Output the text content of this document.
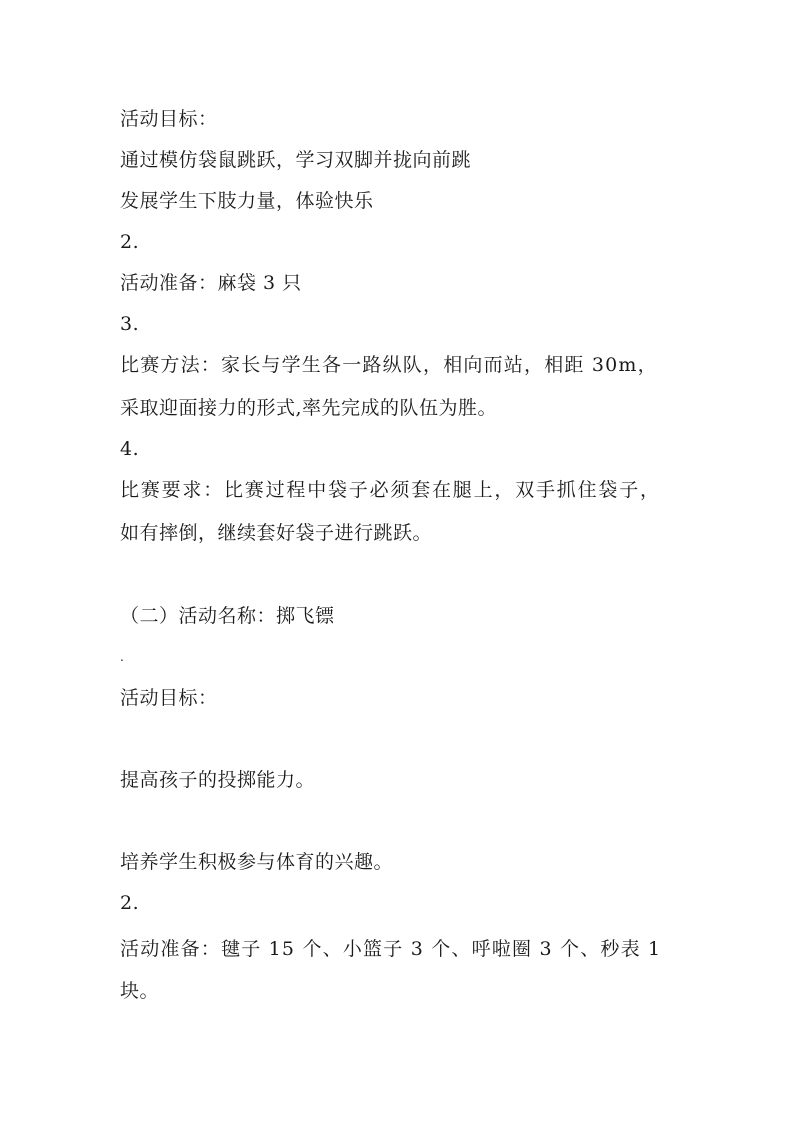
活动目标：
通过模仿袋鼠跳跃，学习双脚并拢向前跳
发展学生下肢力量，体验快乐
2.
活动准备：麻袋 3 只
3.
比赛方法：家长与学生各一路纵队，相向而站，相距 30m，
采取迎面接力的形式,率先完成的队伍为胜。
4.
比赛要求：比赛过程中袋子必须套在腿上，双手抓住袋子，
如有摔倒，继续套好袋子进行跳跃。
（二）活动名称：掷飞镖
.
活动目标：
提高孩子的投掷能力。
培养学生积极参与体育的兴趣。
2.
活动准备：毽子 15 个、小篮子 3 个、呼啦圈 3 个、秒表 1
块。
